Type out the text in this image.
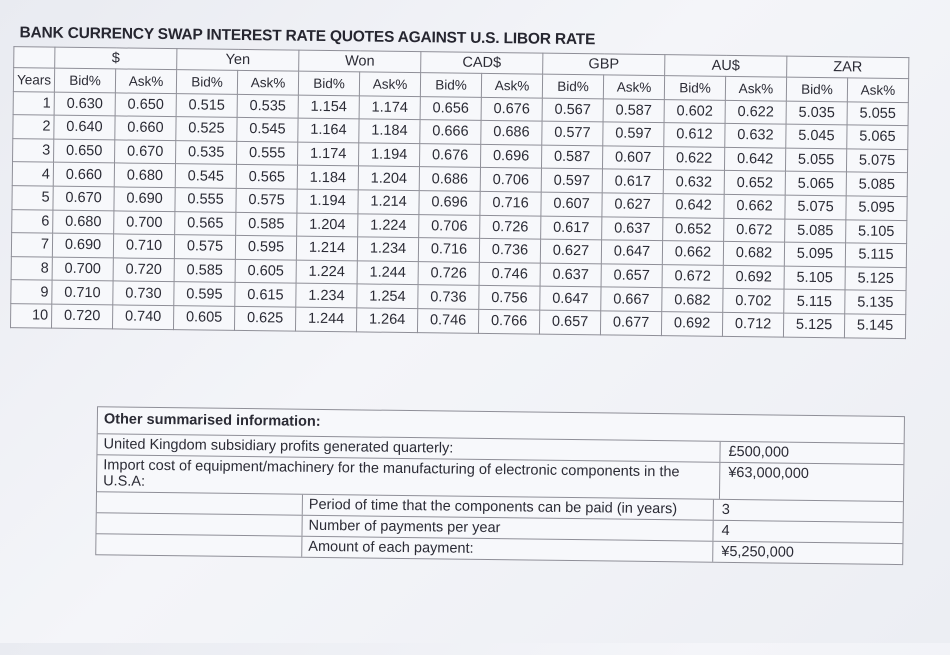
BANK CURRENCY SWAP INTEREST RATE QUOTES AGAINST U.S. LIBOR RATE
	$		Yen		Won		CAD$		GBP		AU$		ZAR	
Years	Bid%	Ask%	Bid%	Ask%	Bid%	Ask%	Bid%	Ask%	Bid%	Ask%	Bid%	Ask%	Bid%	Ask%
1	0.630	0.650	0.515	0.535	1.154	1.174	0.656	0.676	0.567	0.587	0.602	0.622	5.035	5.055
2	0.640	0.660	0.525	0.545	1.164	1.184	0.666	0.686	0.577	0.597	0.612	0.632	5.045	5.065
3	0.650	0.670	0.535	0.555	1.174	1.194	0.676	0.696	0.587	0.607	0.622	0.642	5.055	5.075
4	0.660	0.680	0.545	0.565	1.184	1.204	0.686	0.706	0.597	0.617	0.632	0.652	5.065	5.085
5	0.670	0.690	0.555	0.575	1.194	1.214	0.696	0.716	0.607	0.627	0.642	0.662	5.075	5.095
6	0.680	0.700	0.565	0.585	1.204	1.224	0.706	0.726	0.617	0.637	0.652	0.672	5.085	5.105
7	0.690	0.710	0.575	0.595	1.214	1.234	0.716	0.736	0.627	0.647	0.662	0.682	5.095	5.115
8	0.700	0.720	0.585	0.605	1.224	1.244	0.726	0.746	0.637	0.657	0.672	0.692	5.105	5.125
9	0.710	0.730	0.595	0.615	1.234	1.254	0.736	0.756	0.647	0.667	0.682	0.702	5.115	5.135
10	0.720	0.740	0.605	0.625	1.244	1.264	0.746	0.766	0.657	0.677	0.692	0.712	5.125	5.145
Other summarised information:
United Kingdom subsidiary profits generated quarterly:	£500,000
Import cost of equipment/machinery for the manufacturing of electronic components in the U.S.A:	¥63,000,000
Period of time that the components can be paid (in years)	3
Number of payments per year	4
Amount of each payment:	¥5,250,000
